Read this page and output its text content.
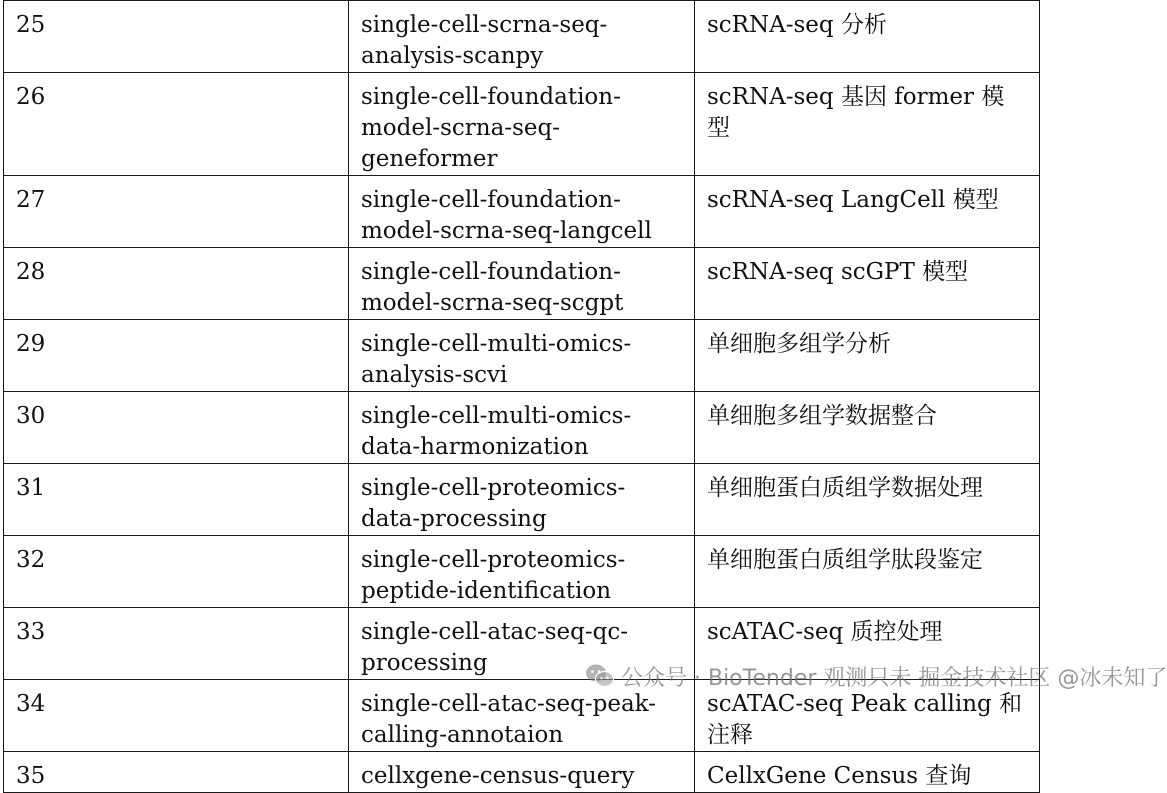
25	single-cell-scrna-seq-analysis-scanpy	scRNA-seq 分析
26	single-cell-foundation-model-scrna-seq-geneformer	scRNA-seq 基因 former 模型
27	single-cell-foundation-model-scrna-seq-langcell	scRNA-seq LangCell 模型
28	single-cell-foundation-model-scrna-seq-scgpt	scRNA-seq scGPT 模型
29	single-cell-multi-omics-analysis-scvi	单细胞多组学分析
30	single-cell-multi-omics-data-harmonization	单细胞多组学数据整合
31	single-cell-proteomics-data-processing	单细胞蛋白质组学数据处理
32	single-cell-proteomics-peptide-identification	单细胞蛋白质组学肽段鉴定
33	single-cell-atac-seq-qc-processing	scATAC-seq 质控处理
34	single-cell-atac-seq-peak-calling-annotaion	scATAC-seq Peak calling 和注释
35	cellxgene-census-query	CellxGene Census 查询
公众号 · BioTender 观测只未 掘金技术社区 @冰未知了
